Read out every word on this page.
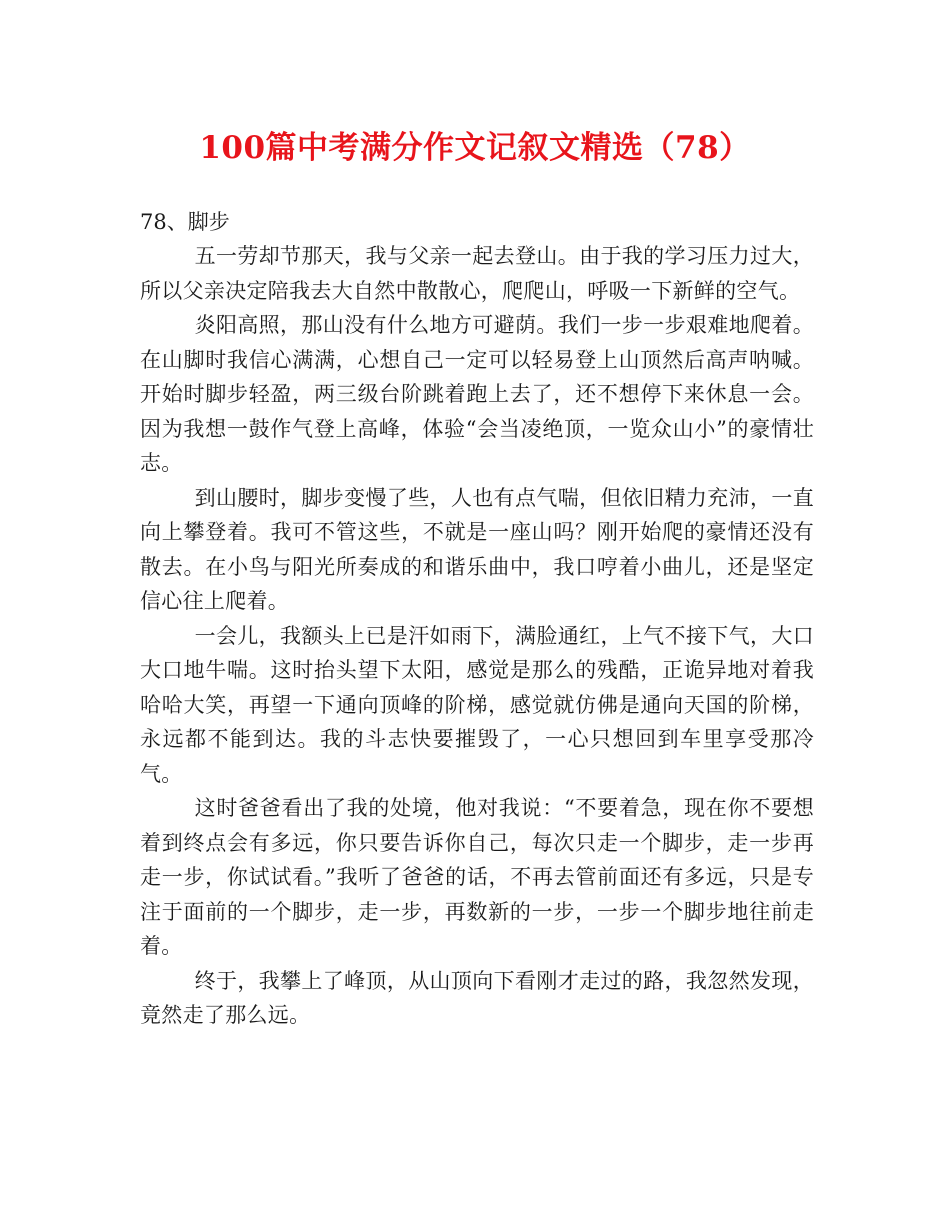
100篇中考满分作文记叙文精选（78）

78、脚步

五一劳却节那天，我与父亲一起去登山。由于我的学习压力过大，所以父亲决定陪我去大自然中散散心，爬爬山，呼吸一下新鲜的空气。

炎阳高照，那山没有什么地方可避荫。我们一步一步艰难地爬着。在山脚时我信心满满，心想自己一定可以轻易登上山顶然后高声呐喊。开始时脚步轻盈，两三级台阶跳着跑上去了，还不想停下来休息一会。因为我想一鼓作气登上高峰，体验“会当凌绝顶，一览众山小”的豪情壮志。

到山腰时，脚步变慢了些，人也有点气喘，但依旧精力充沛，一直向上攀登着。我可不管这些，不就是一座山吗？刚开始爬的豪情还没有散去。在小鸟与阳光所奏成的和谐乐曲中，我口哼着小曲儿，还是坚定信心往上爬着。

一会儿，我额头上已是汗如雨下，满脸通红，上气不接下气，大口大口地牛喘。这时抬头望下太阳，感觉是那么的残酷，正诡异地对着我哈哈大笑，再望一下通向顶峰的阶梯，感觉就仿佛是通向天国的阶梯，永远都不能到达。我的斗志快要摧毁了，一心只想回到车里享受那冷气。

这时爸爸看出了我的处境，他对我说：“不要着急，现在你不要想着到终点会有多远，你只要告诉你自己，每次只走一个脚步，走一步再走一步，你试试看。”我听了爸爸的话，不再去管前面还有多远，只是专注于面前的一个脚步，走一步，再数新的一步，一步一个脚步地往前走着。

终于，我攀上了峰顶，从山顶向下看刚才走过的路，我忽然发现，竟然走了那么远。
